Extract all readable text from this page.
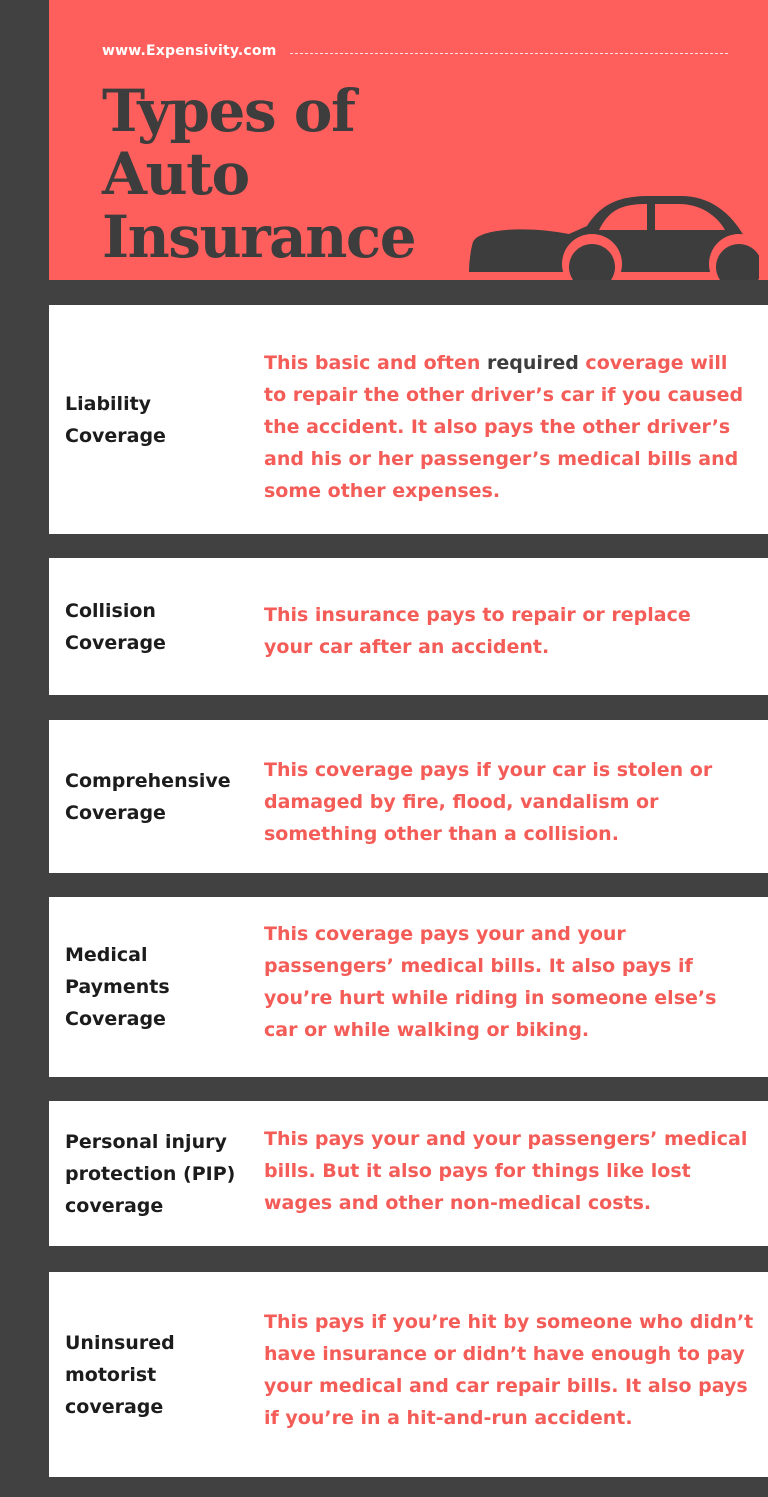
www.Expensivity.com
Types of
Auto
Insurance
Liability
Coverage
This basic and often required coverage will
to repair the other driver’s car if you caused
the accident. It also pays the other driver’s
and his or her passenger’s medical bills and
some other expenses.
Collision
Coverage
This insurance pays to repair or replace
your car after an accident.
Comprehensive
Coverage
This coverage pays if your car is stolen or
damaged by fire, flood, vandalism or
something other than a collision.
Medical
Payments
Coverage
This coverage pays your and your
passengers’ medical bills. It also pays if
you’re hurt while riding in someone else’s
car or while walking or biking.
Personal injury
protection (PIP)
coverage
This pays your and your passengers’ medical
bills. But it also pays for things like lost
wages and other non-medical costs.
Uninsured
motorist
coverage
This pays if you’re hit by someone who didn’t
have insurance or didn’t have enough to pay
your medical and car repair bills. It also pays
if you’re in a hit-and-run accident.
